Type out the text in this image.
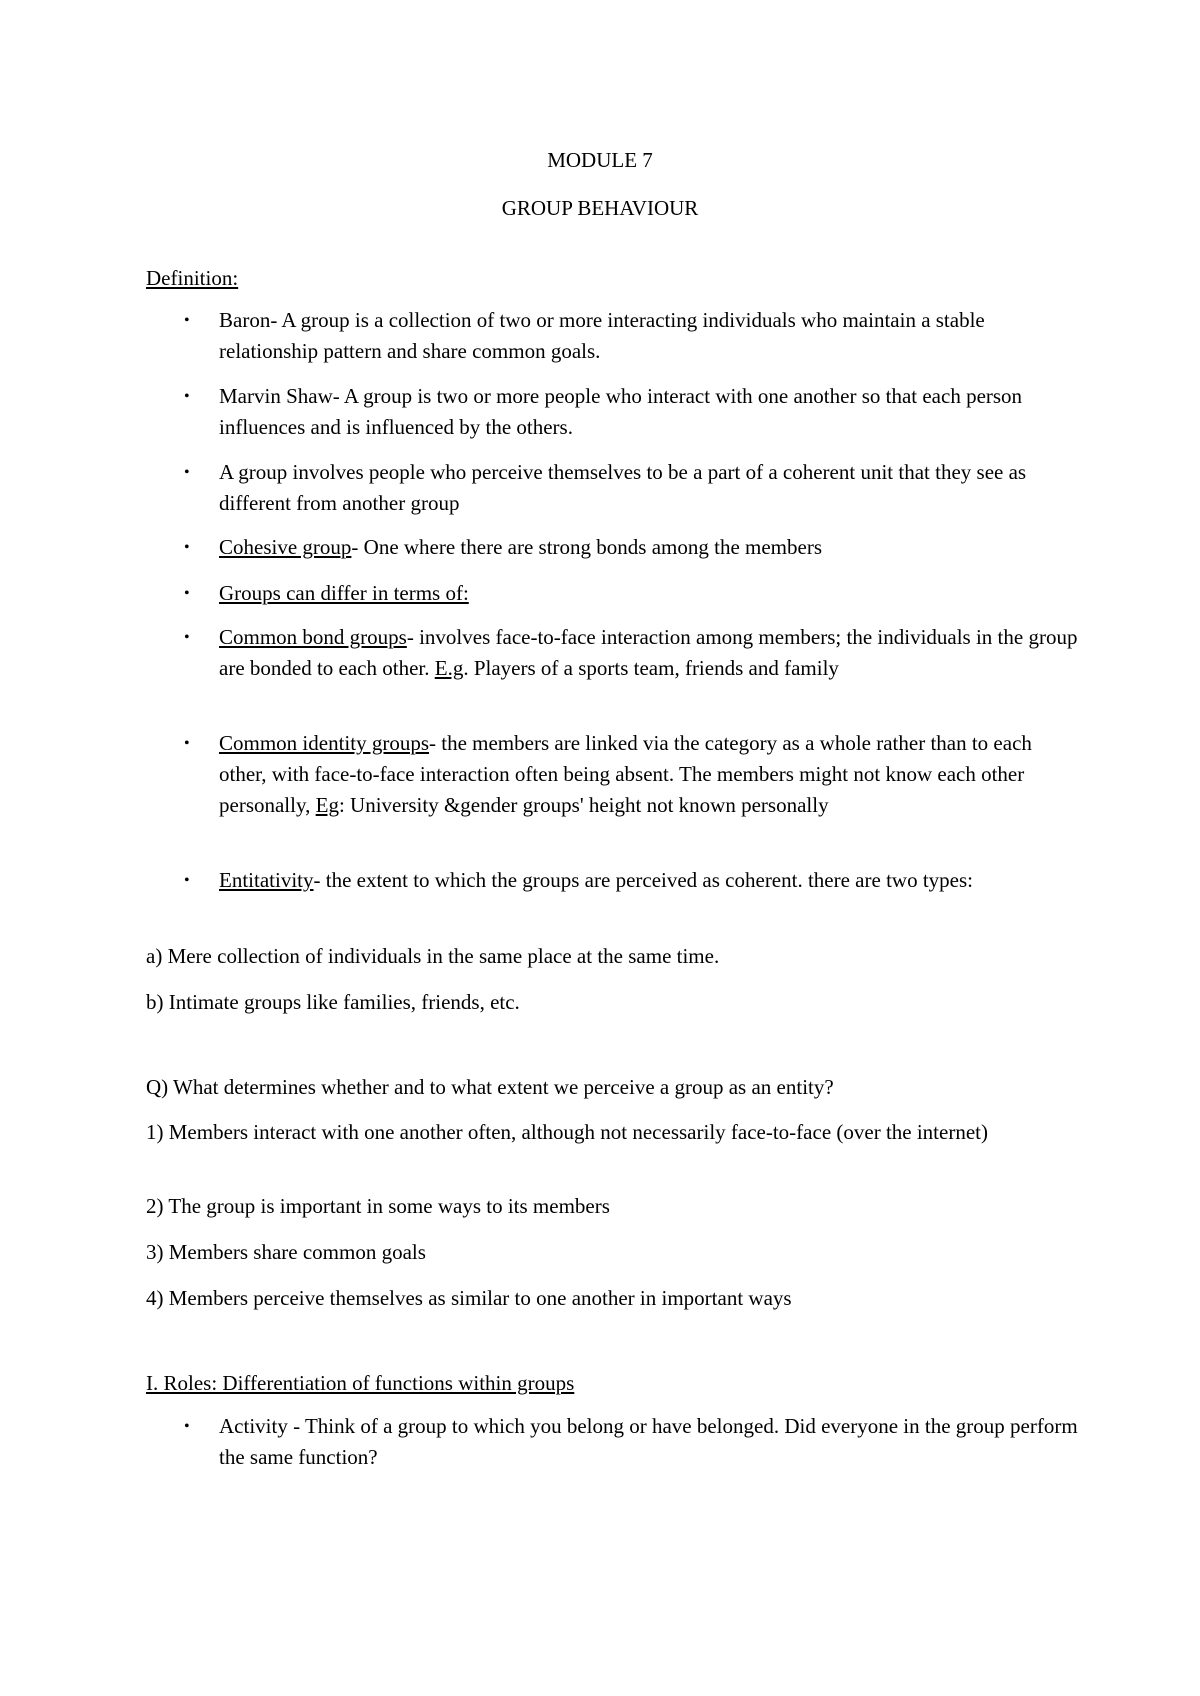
MODULE 7
GROUP BEHAVIOUR
Definition:
• Baron- A group is a collection of two or more interacting individuals who maintain a stable relationship pattern and share common goals.
• Marvin Shaw- A group is two or more people who interact with one another so that each person influences and is influenced by the others.
• A group involves people who perceive themselves to be a part of a coherent unit that they see as different from another group
• Cohesive group- One where there are strong bonds among the members
• Groups can differ in terms of:
• Common bond groups- involves face-to-face interaction among members; the individuals in the group are bonded to each other. E.g. Players of a sports team, friends and family
• Common identity groups- the members are linked via the category as a whole rather than to each other, with face-to-face interaction often being absent. The members might not know each other personally, Eg: University &gender groups' height not known personally
• Entitativity- the extent to which the groups are perceived as coherent. there are two types:
a) Mere collection of individuals in the same place at the same time.
b) Intimate groups like families, friends, etc.
Q) What determines whether and to what extent we perceive a group as an entity?
1) Members interact with one another often, although not necessarily face-to-face (over the internet)
2) The group is important in some ways to its members
3) Members share common goals
4) Members perceive themselves as similar to one another in important ways
I. Roles: Differentiation of functions within groups
• Activity - Think of a group to which you belong or have belonged. Did everyone in the group perform the same function?
